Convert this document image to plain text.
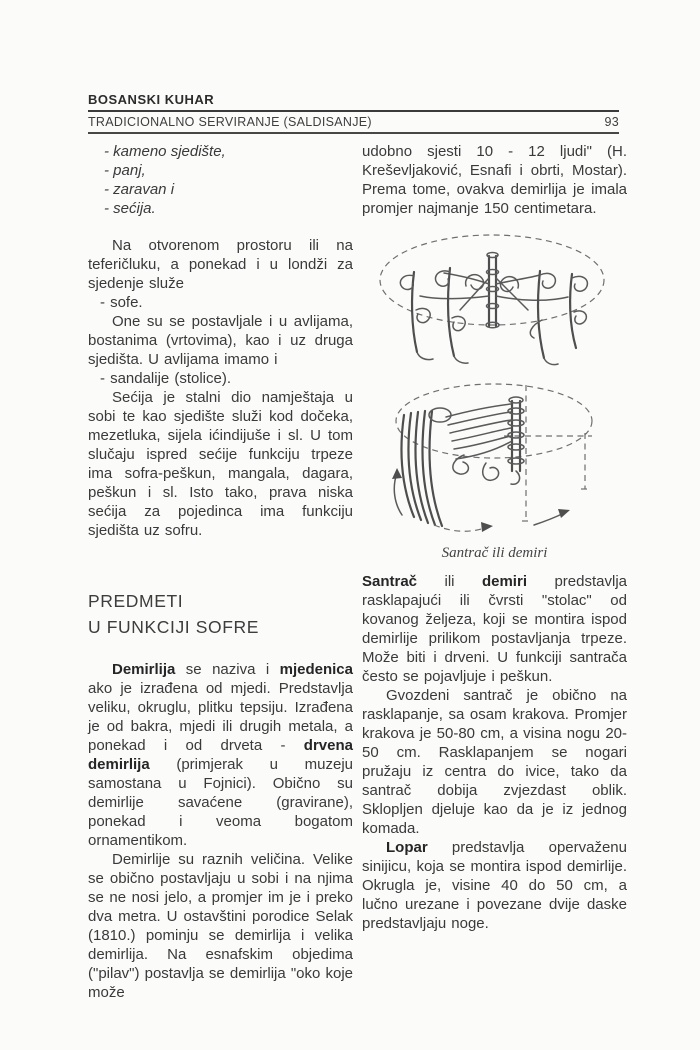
BOSANSKI KUHAR
TRADICIONALNO SERVIRANJE (SALDISANJE)	93
- kameno sjedište,
- panj,
- zaravan i
- sećija.

Na otvorenom prostoru ili na teferičluku, a ponekad i u londži za sjedenje služe

- sofe.

One su se postavljale i u avlijama, bostanima (vrtovima), kao i uz druga sjedišta. U avlijama imamo i

- sandalije (stolice).

Sećija je stalni dio namještaja u sobi te kao sjedište služi kod dočeka, mezetluka, sijela ićindijuše i sl. U tom slučaju ispred sećije funkciju trpeze ima sofra-peškun, mangala, dagara, peškun i sl. Isto tako, prava niska sećija za pojedinca ima funkciju sjedišta uz sofru.

PREDMETI
U FUNKCIJI SOFRE

Demirlija se naziva i mjedenica ako je izrađena od mjedi. Predstavlja veliku, okruglu, plitku tepsiju. Izrađena je od bakra, mjedi ili drugih metala, a ponekad i od drveta - drvena demirlija (primjerak u muzeju samostana u Fojnici). Obično su demirlije savaćene (gravirane), ponekad i veoma bogatom ornamentikom.

Demirlije su raznih veličina. Velike se obično postavljaju u sobi i na njima se ne nosi jelo, a promjer im je i preko dva metra. U ostavštini porodice Selak (1810.) pominju se demirlija i velika demirlija. Na esnafskim objedima ("pilav") postavlja se demirlija "oko koje može

udobno sjesti 10 - 12 ljudi" (H. Kreševljaković, Esnafi i obrti, Mostar). Prema tome, ovakva demirlija je imala promjer najmanje 150 centimetara.

Santrač ili demiri

Santrač ili demiri predstavlja rasklapajući ili čvrsti "stolac" od kovanog željeza, koji se montira ispod demirlije prilikom postavljanja trpeze. Može biti i drveni. U funkciji santrača često se pojavljuje i peškun.

Gvozdeni santrač je obično na rasklapanje, sa osam krakova. Promjer krakova je 50-80 cm, a visina nogu 20-50 cm. Rasklapanjem se nogari pružaju iz centra do ivice, tako da santrač dobija zvjezdast oblik. Sklopljen djeluje kao da je iz jednog komada.

Lopar predstavlja opervaženu sinijicu, koja se montira ispod demirlije. Okrugla je, visine 40 do 50 cm, a lučno urezane i povezane dvije daske predstavljaju noge.
